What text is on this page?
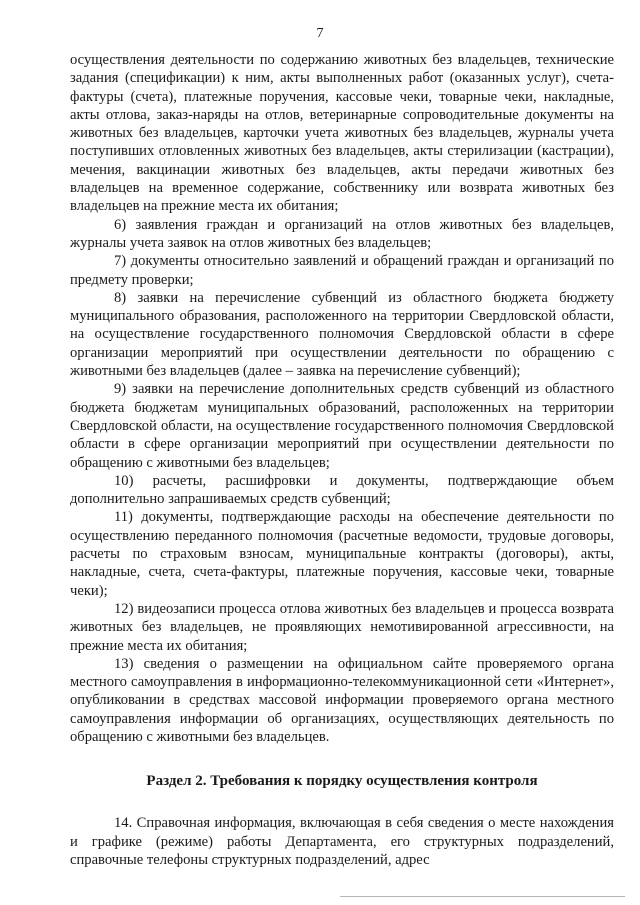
7

осуществления деятельности по содержанию животных без владельцев, технические задания (спецификации) к ним, акты выполненных работ (оказанных услуг), счета-фактуры (счета), платежные поручения, кассовые чеки, товарные чеки, накладные, акты отлова, заказ-наряды на отлов, ветеринарные сопроводительные документы на животных без владельцев, карточки учета животных без владельцев, журналы учета поступивших отловленных животных без владельцев, акты стерилизации (кастрации), мечения, вакцинации животных без владельцев, акты передачи животных без владельцев на временное содержание, собственнику или возврата животных без владельцев на прежние места их обитания;

6) заявления граждан и организаций на отлов животных без владельцев, журналы учета заявок на отлов животных без владельцев;

7) документы относительно заявлений и обращений граждан и организаций по предмету проверки;

8) заявки на перечисление субвенций из областного бюджета бюджету муниципального образования, расположенного на территории Свердловской области, на осуществление государственного полномочия Свердловской области в сфере организации мероприятий при осуществлении деятельности по обращению с животными без владельцев (далее – заявка на перечисление субвенций);

9) заявки на перечисление дополнительных средств субвенций из областного бюджета бюджетам муниципальных образований, расположенных на территории Свердловской области, на осуществление государственного полномочия Свердловской области в сфере организации мероприятий при осуществлении деятельности по обращению с животными без владельцев;

10) расчеты, расшифровки и документы, подтверждающие объем дополнительно запрашиваемых средств субвенций;

11) документы, подтверждающие расходы на обеспечение деятельности по осуществлению переданного полномочия (расчетные ведомости, трудовые договоры, расчеты по страховым взносам, муниципальные контракты (договоры), акты, накладные, счета, счета-фактуры, платежные поручения, кассовые чеки, товарные чеки);

12) видеозаписи процесса отлова животных без владельцев и процесса возврата животных без владельцев, не проявляющих немотивированной агрессивности, на прежние места их обитания;

13) сведения о размещении на официальном сайте проверяемого органа местного самоуправления в информационно-телекоммуникационной сети «Интернет», опубликовании в средствах массовой информации проверяемого органа местного самоуправления информации об организациях, осуществляющих деятельность по обращению с животными без владельцев.

Раздел 2. Требования к порядку осуществления контроля

14. Справочная информация, включающая в себя сведения о месте нахождения и графике (режиме) работы Департамента, его структурных подразделений, справочные телефоны структурных подразделений, адрес
